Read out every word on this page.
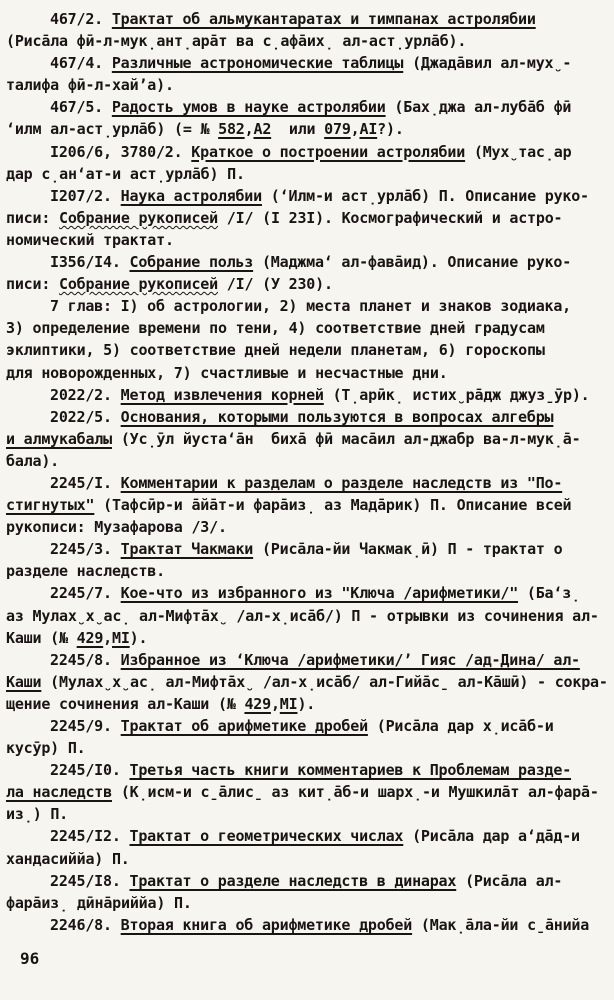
467/2. Трактат об альмукантаратах и тимпанах астролябии
(Риса̄ла фӣ-л-мук̣ант̣ара̄т ва с̣афа̄их̣ ал-аст̣урла̄б).
467/4. Различные астрономические таблицы (Джада̄вил ал-мух̮-
талифа фӣ-л-хай’а).
467/5. Радость умов в науке астролябии (Бах̣джа ал-луба̄б фӣ
‘илм ал-аст̣урла̄б) (= № 582,А2  или 079,АI?).
I206/6, 3780/2. Краткое о построении астролябии (Мух̮тас̣ар
дар с̣ан‘ат-и аст̣урла̄б) П.
I207/2. Наука астролябии (‘Илм-и аст̣урла̄б) П. Описание руко-
писи: Собрание рукописей /I/ (I 23I). Космографический и астро-
номический трактат.
I356/I4. Собрание польз (Маджма‘ ал-фава̄ид). Описание руко-
писи: Собрание рукописей /I/ (У 230).
7 глав: I) об астрологии, 2) места планет и знаков зодиака,
3) определение времени по тени, 4) соответствие дней градусам
эклиптики, 5) соответствие дней недели планетам, 6) гороскопы
для новорожденных, 7) счастливые и несчастные дни.
2022/2. Метод извлечения корней (Т̣арӣк̣ истих̮ра̄дж джуз̱ӯр).
2022/5. Основания, которыми пользуются в вопросах алгебры
и алмукабалы (Ус̣ӯл йуста‘а̄н  биха̄ фӣ маса̄ил ал-джабр ва-л-мук̣а̄-
бала).
2245/I. Комментарии к разделам о разделе наследств из "По-
стигнутых" (Тафсӣр-и а̄йа̄т-и фара̄из̣ аз Мада̄рик) П. Описание всей
рукописи: Музафарова /3/.
2245/3. Трактат Чакмаки (Риса̄ла-йи Чакмак̣ӣ) П - трактат о
разделе наследств.
2245/7. Кое-что из избранного из "Ключа /арифметики/" (Ба‘з̣
аз Мулах̮х̮ас̣ ал-Мифта̄х̮ /ал-х̣иса̄б/) П - отрывки из сочинения ал-
Каши (№ 429,МI).
2245/8. Избранное из ‘Ключа /арифметики/’ Гияс /ад-Дина/ ал-
Каши (Мулах̮х̮ас̣ ал-Мифта̄х̮ /ал-х̣иса̄б/ ал-Гийа̄с̱ ал-Ка̄шӣ) - сокра-
щение сочинения ал-Каши (№ 429,МI).
2245/9. Трактат об арифметике дробей (Риса̄ла дар х̣иса̄б-и
кусӯр) П.
2245/I0. Третья часть книги комментариев к Проблемам разде-
ла наследств (К̣исм-и с̱а̄лис̱ аз кит̣а̄б-и шарх̣-и Мушкила̄т ал-фара̄-
из̣) П.
2245/I2. Трактат о геометрических числах (Риса̄ла дар а‘да̄д-и
хандасиййа) П.
2245/I8. Трактат о разделе наследств в динарах (Риса̄ла ал-
фара̄из̣ дӣна̄риййа) П.
2246/8. Вторая книга об арифметике дробей (Мак̣а̄ла-йи с̱а̄нийа
96
